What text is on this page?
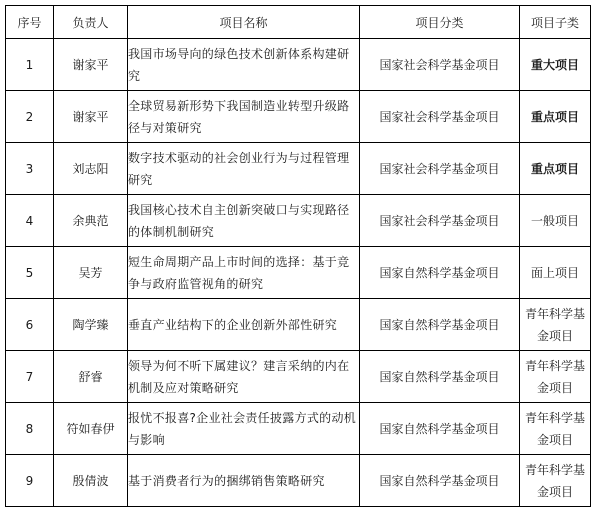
序号	负责人	项目名称	项目分类	项目子类
1	谢家平	我国市场导向的绿色技术创新体系构建研究	国家社会科学基金项目	重大项目
2	谢家平	全球贸易新形势下我国制造业转型升级路径与对策研究	国家社会科学基金项目	重点项目
3	刘志阳	数字技术驱动的社会创业行为与过程管理研究	国家社会科学基金项目	重点项目
4	余典范	我国核心技术自主创新突破口与实现路径的体制机制研究	国家社会科学基金项目	一般项目
5	吴芳	短生命周期产品上市时间的选择：基于竞争与政府监管视角的研究	国家自然科学基金项目	面上项目
6	陶学臻	垂直产业结构下的企业创新外部性研究	国家自然科学基金项目	青年科学基金项目
7	舒睿	领导为何不听下属建议？建言采纳的内在机制及应对策略研究	国家自然科学基金项目	青年科学基金项目
8	符如春伊	报忧不报喜?企业社会责任披露方式的动机与影响	国家自然科学基金项目	青年科学基金项目
9	殷倩波	基于消费者行为的捆绑销售策略研究	国家自然科学基金项目	青年科学基金项目
